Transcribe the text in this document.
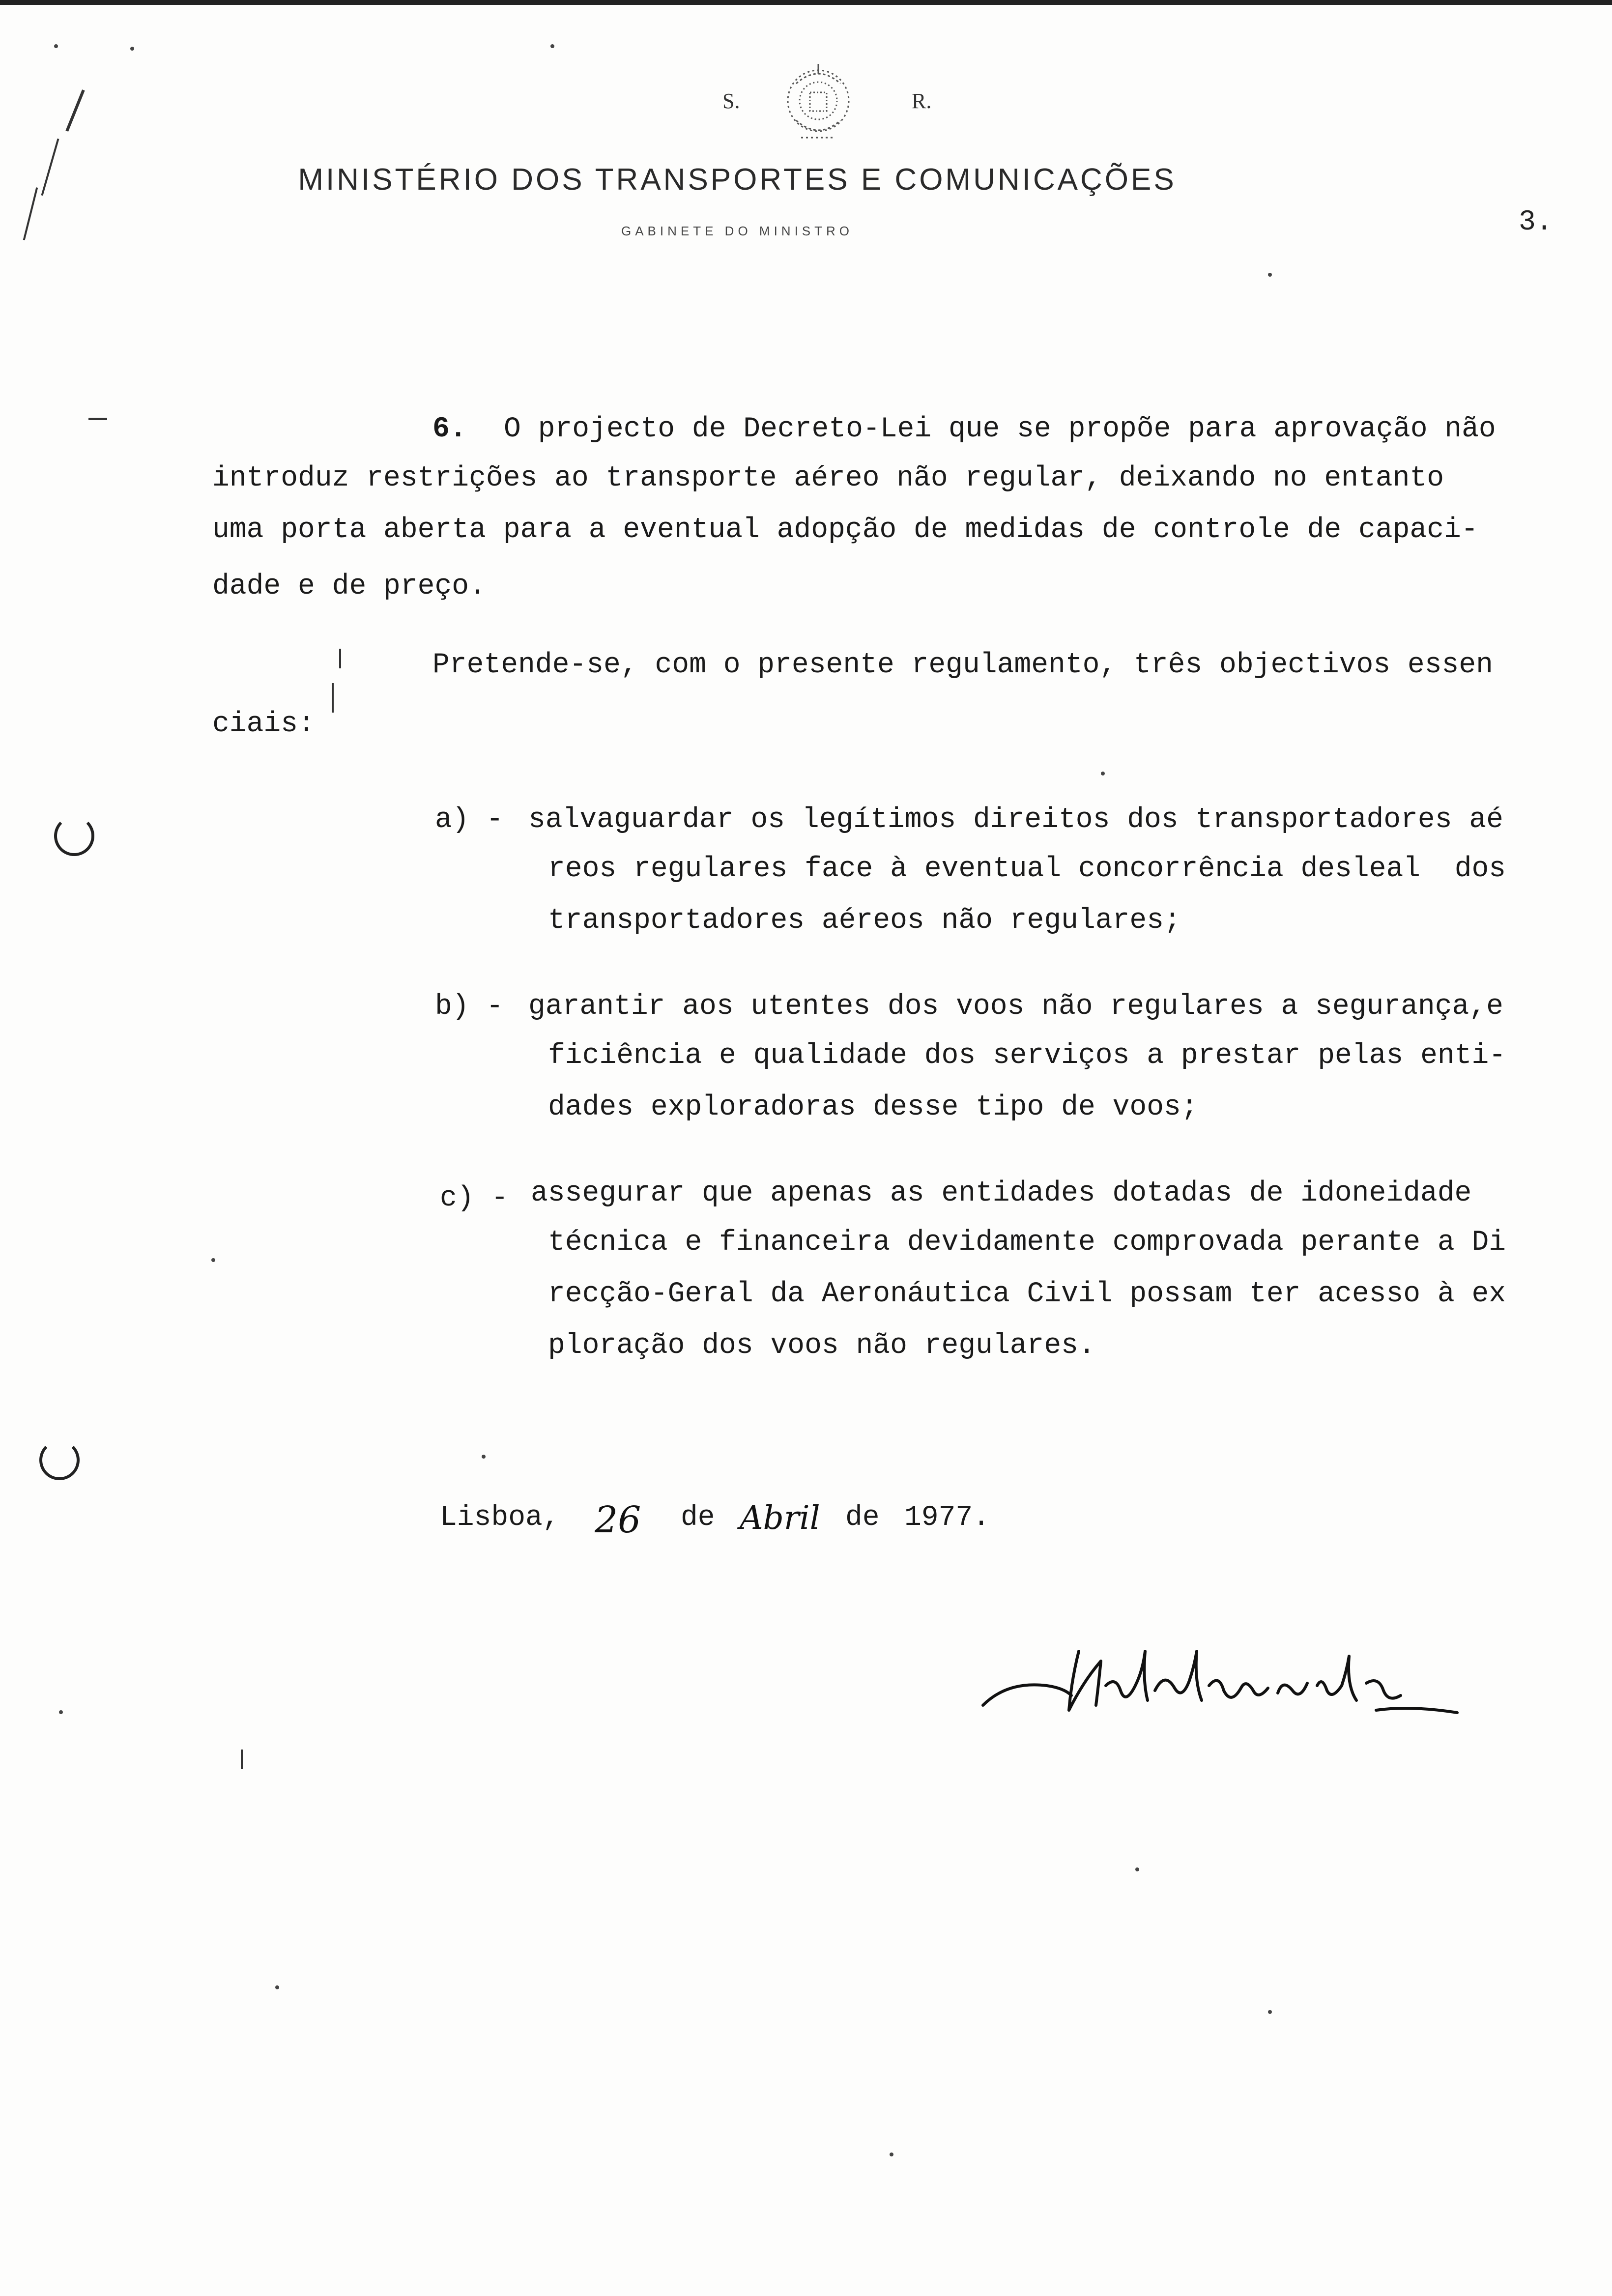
S.	R.
MINISTÉRIO DOS TRANSPORTES E COMUNICAÇÕES
GABINETE DO MINISTRO	3.
6. O projecto de Decreto-Lei que se propõe para aprovação não
introduz restrições ao transporte aéreo não regular, deixando no entanto
uma porta aberta para a eventual adopção de medidas de controle de capaci-
dade e de preço.
Pretende-se, com o presente regulamento, três objectivos essen
ciais:
a) - salvaguardar os legítimos direitos dos transportadores aé
reos regulares face à eventual concorrência desleal  dos
transportadores aéreos não regulares;
b) - garantir aos utentes dos voos não regulares a segurança,e
ficiência e qualidade dos serviços a prestar pelas enti-
dades exploradoras desse tipo de voos;
c) - assegurar que apenas as entidades dotadas de idoneidade
técnica e financeira devidamente comprovada perante a Di
recção-Geral da Aeronáutica Civil possam ter acesso à ex
ploração dos voos não regulares.
Lisboa, 26 de Abril de 1977.
